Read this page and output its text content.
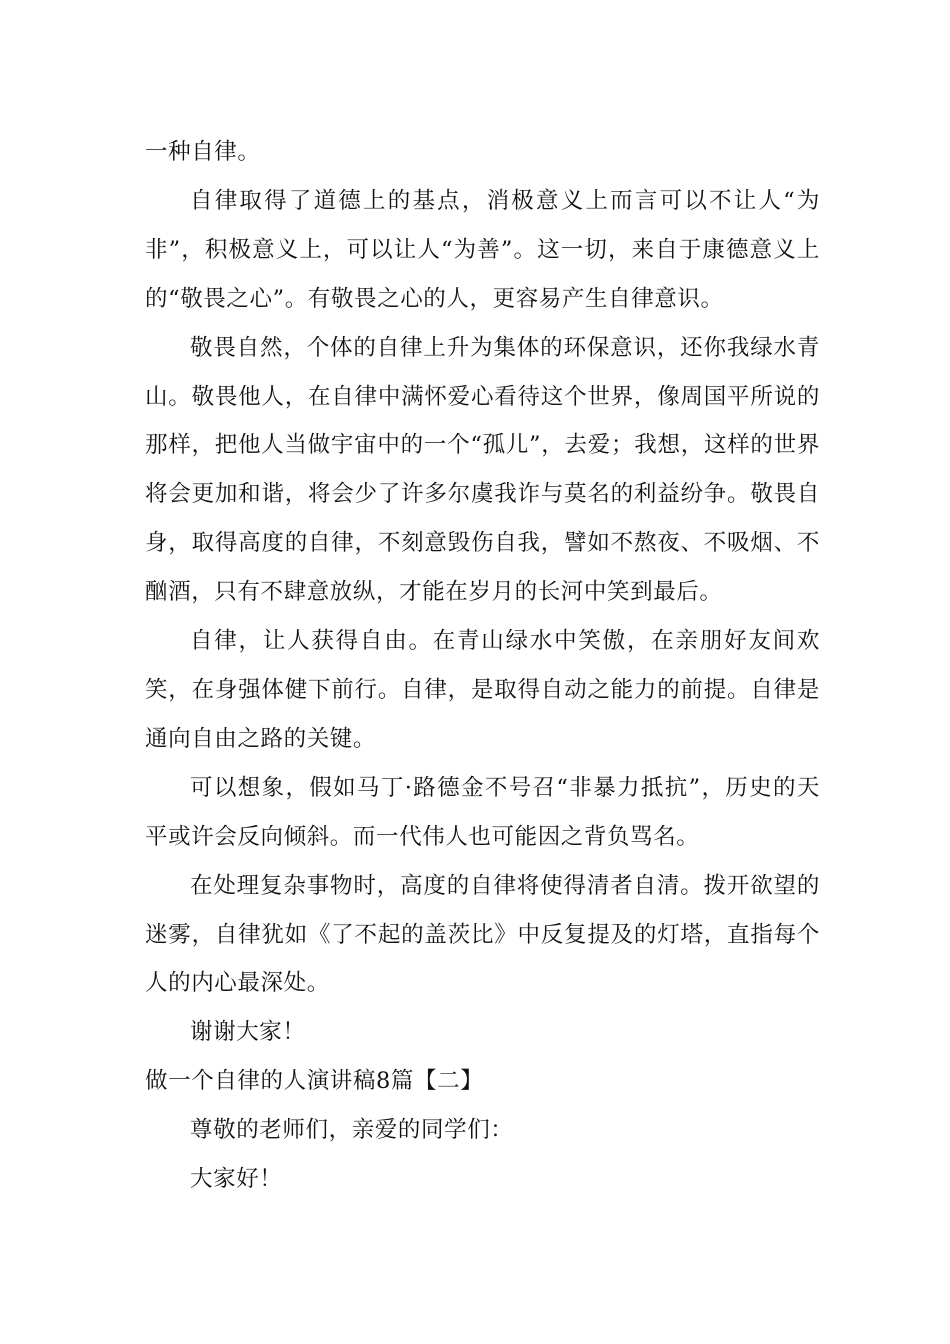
一种自律。

自律取得了道德上的基点，消极意义上而言可以不让人“为非”，积极意义上，可以让人“为善”。这一切，来自于康德意义上的“敬畏之心”。有敬畏之心的人，更容易产生自律意识。

敬畏自然，个体的自律上升为集体的环保意识，还你我绿水青山。敬畏他人，在自律中满怀爱心看待这个世界，像周国平所说的那样，把他人当做宇宙中的一个“孤儿”，去爱；我想，这样的世界将会更加和谐，将会少了许多尔虞我诈与莫名的利益纷争。敬畏自身，取得高度的自律，不刻意毁伤自我，譬如不熬夜、不吸烟、不酗酒，只有不肆意放纵，才能在岁月的长河中笑到最后。

自律，让人获得自由。在青山绿水中笑傲，在亲朋好友间欢笑，在身强体健下前行。自律，是取得自动之能力的前提。自律是通向自由之路的关键。

可以想象，假如马丁·路德金不号召“非暴力抵抗”，历史的天平或许会反向倾斜。而一代伟人也可能因之背负骂名。

在处理复杂事物时，高度的自律将使得清者自清。拨开欲望的迷雾，自律犹如《了不起的盖茨比》中反复提及的灯塔，直指每个人的内心最深处。

谢谢大家！

做一个自律的人演讲稿8篇【二】

尊敬的老师们，亲爱的同学们：

大家好！
